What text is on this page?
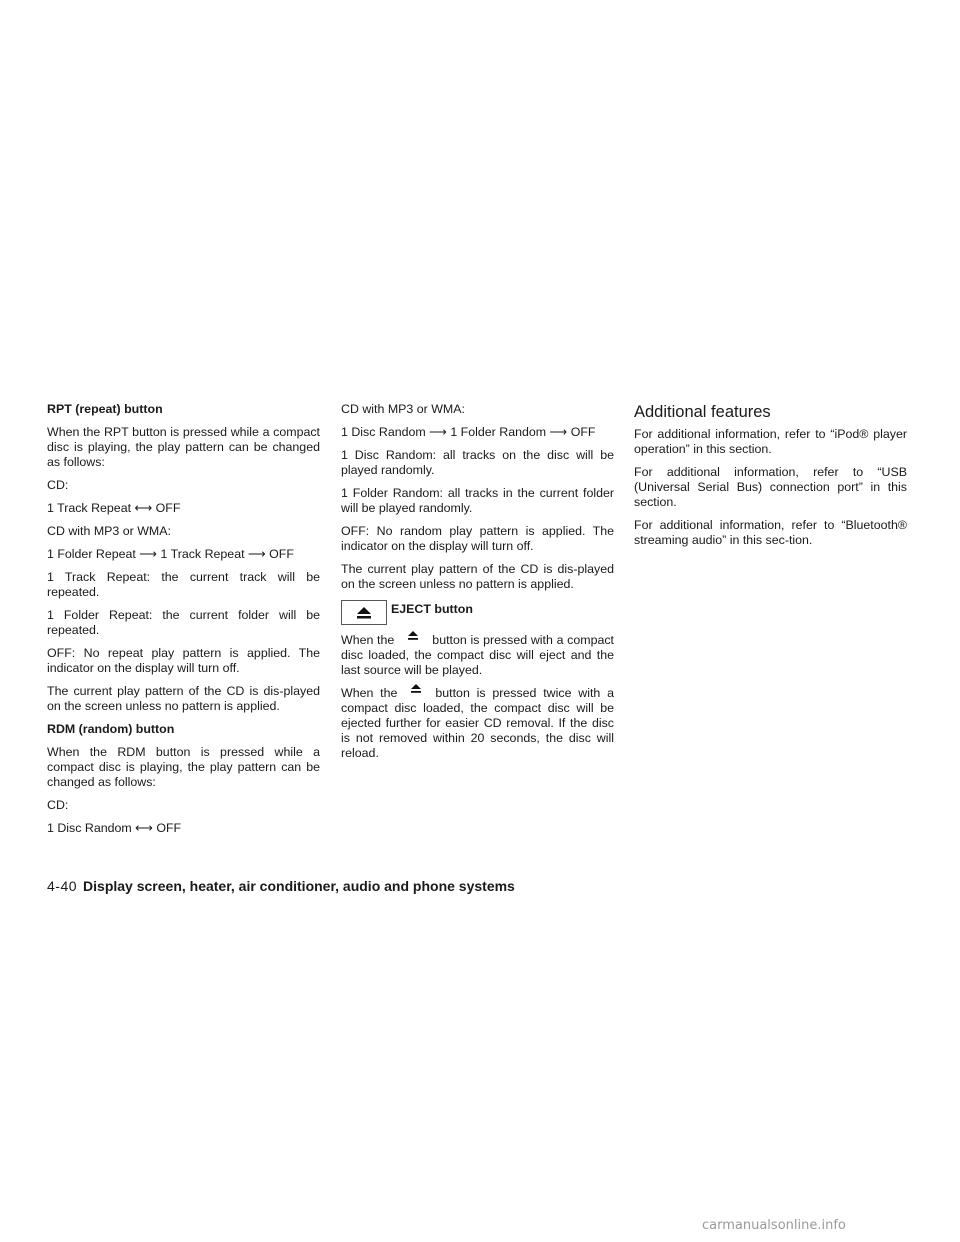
RPT (repeat) button

When the RPT button is pressed while a compact disc is playing, the play pattern can be changed as follows:

CD:

1 Track Repeat ⟷ OFF

CD with MP3 or WMA:

1 Folder Repeat ⟶ 1 Track Repeat ⟶ OFF

1 Track Repeat: the current track will be repeated.

1 Folder Repeat: the current folder will be repeated.

OFF: No repeat play pattern is applied. The indicator on the display will turn off.

The current play pattern of the CD is dis-played on the screen unless no pattern is applied.

RDM (random) button

When the RDM button is pressed while a compact disc is playing, the play pattern can be changed as follows:

CD:

1 Disc Random ⟷ OFF

CD with MP3 or WMA:

1 Disc Random ⟶ 1 Folder Random ⟶ OFF

1 Disc Random: all tracks on the disc will be played randomly.

1 Folder Random: all tracks in the current folder will be played randomly.

OFF: No random play pattern is applied. The indicator on the display will turn off.

The current play pattern of the CD is dis-played on the screen unless no pattern is applied.

EJECT button

When the	button is pressed with a compact disc loaded, the compact disc will eject and the last source will be played.

When the	button is pressed twice with a compact disc loaded, the compact disc will be ejected further for easier CD removal. If the disc is not removed within 20 seconds, the disc will reload.

Additional features

For additional information, refer to “iPod® player operation” in this section.

For additional information, refer to “USB (Universal Serial Bus) connection port” in this section.

For additional information, refer to “Bluetooth® streaming audio” in this sec-tion.

4-40 Display screen, heater, air conditioner, audio and phone systems
carmanualsonline.info
